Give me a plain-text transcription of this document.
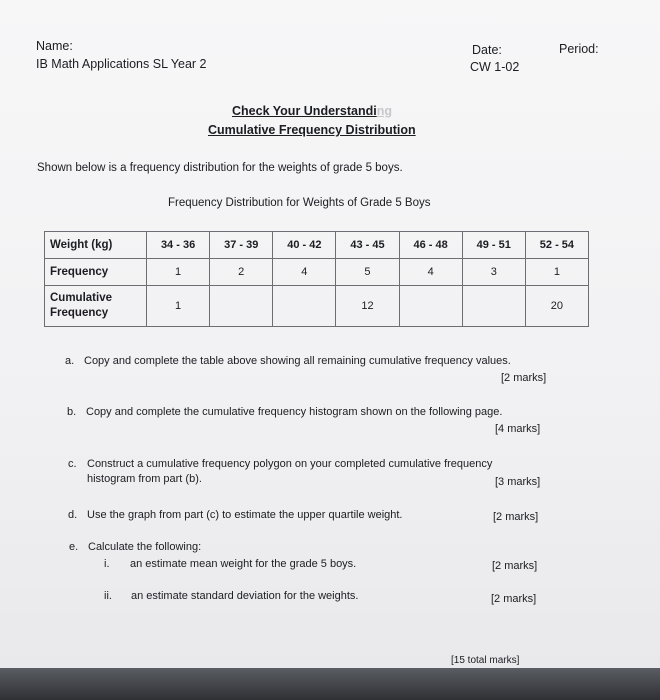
Name:
IB Math Applications SL Year 2
Date:
CW 1-02
Period:
Check Your Understanding
Cumulative Frequency Distribution
Shown below is a frequency distribution for the weights of grade 5 boys.
Frequency Distribution for Weights of Grade 5 Boys
Weight (kg)	34 - 36	37 - 39	40 - 42	43 - 45	46 - 48	49 - 51	52 - 54
Frequency	1	2	4	5	4	3	1
Cumulative
Frequency	1			12			20
a. Copy and complete the table above showing all remaining cumulative frequency values.
[2 marks]
b. Copy and complete the cumulative frequency histogram shown on the following page.
[4 marks]
c. Construct a cumulative frequency polygon on your completed cumulative frequency
histogram from part (b).	[3 marks]
d. Use the graph from part (c) to estimate the upper quartile weight.	[2 marks]
e. Calculate the following:
i. an estimate mean weight for the grade 5 boys.	[2 marks]
ii. an estimate standard deviation for the weights.	[2 marks]
[15 total marks]
